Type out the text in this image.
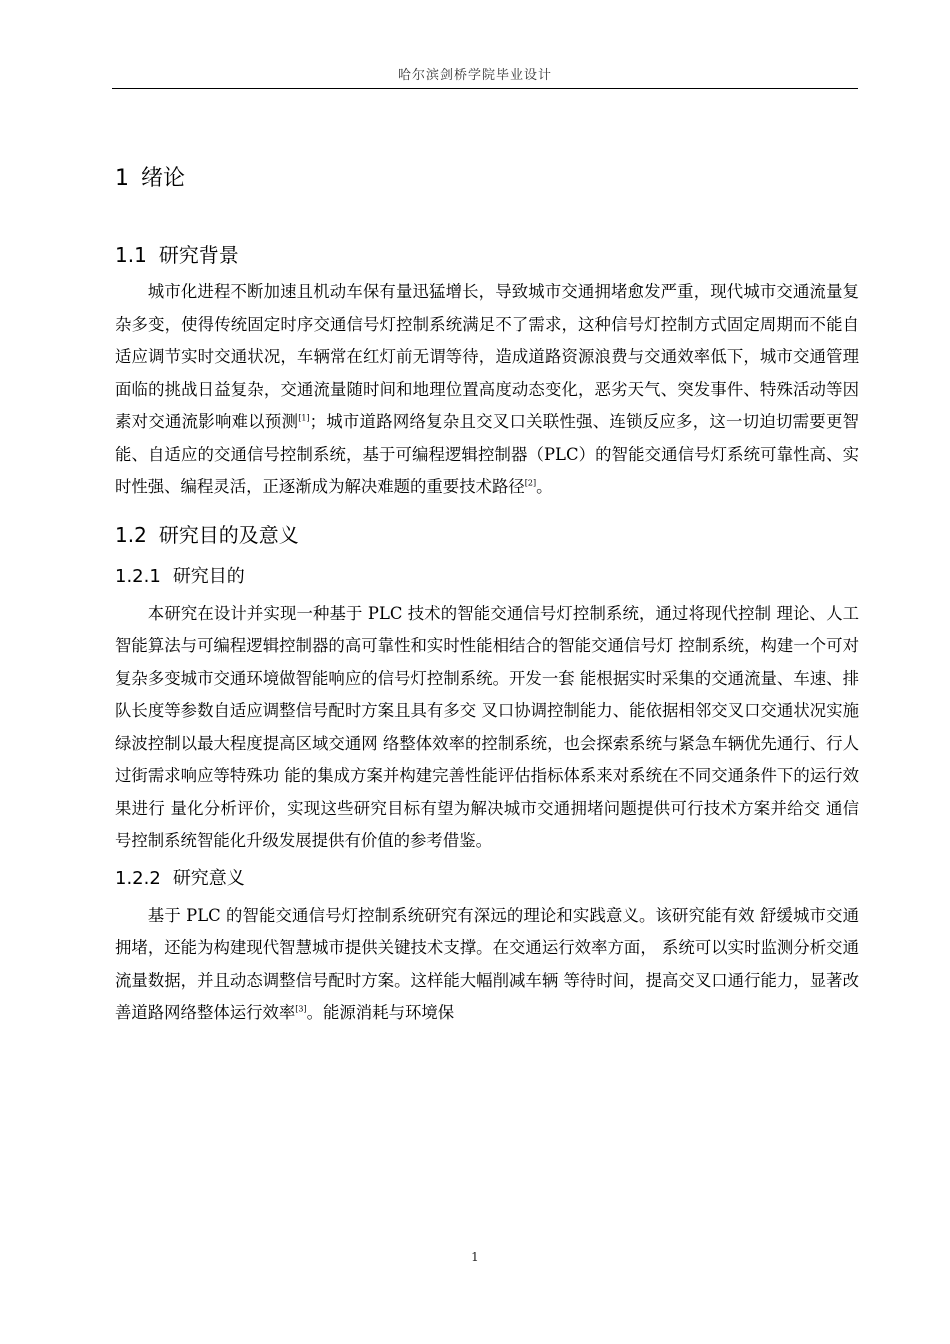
哈尔滨剑桥学院毕业设计
1 绪论
1.1 研究背景

城市化进程不断加速且机动车保有量迅猛增长，导致城市交通拥堵愈发严重，现代城市交通流量复杂多变，使得传统固定时序交通信号灯控制系统满足不了需求，这种信号灯控制方式固定周期而不能自适应调节实时交通状况，车辆常在红灯前无谓等待，造成道路资源浪费与交通效率低下，城市交通管理面临的挑战日益复杂，交通流量随时间和地理位置高度动态变化，恶劣天气、突发事件、特殊活动等因素对交通流影响难以预测[1]；城市道路网络复杂且交叉口关联性强、连锁反应多，这一切迫切需要更智能、自适应的交通信号控制系统，基于可编程逻辑控制器（PLC）的智能交通信号灯系统可靠性高、实时性强、编程灵活，正逐渐成为解决难题的重要技术路径[2]。

1.2 研究目的及意义
1.2.1 研究目的

本研究在设计并实现一种基于 PLC 技术的智能交通信号灯控制系统，通过将现代控制 理论、人工智能算法与可编程逻辑控制器的高可靠性和实时性能相结合的智能交通信号灯 控制系统，构建一个可对复杂多变城市交通环境做智能响应的信号灯控制系统。开发一套 能根据实时采集的交通流量、车速、排队长度等参数自适应调整信号配时方案且具有多交 叉口协调控制能力、能依据相邻交叉口交通状况实施绿波控制以最大程度提高区域交通网 络整体效率的控制系统，也会探索系统与紧急车辆优先通行、行人过街需求响应等特殊功 能的集成方案并构建完善性能评估指标体系来对系统在不同交通条件下的运行效果进行 量化分析评价，实现这些研究目标有望为解决城市交通拥堵问题提供可行技术方案并给交 通信号控制系统智能化升级发展提供有价值的参考借鉴。

1.2.2 研究意义

基于 PLC 的智能交通信号灯控制系统研究有深远的理论和实践意义。该研究能有效 舒缓城市交通拥堵，还能为构建现代智慧城市提供关键技术支撑。在交通运行效率方面， 系统可以实时监测分析交通流量数据，并且动态调整信号配时方案。这样能大幅削减车辆 等待时间，提高交叉口通行能力，显著改善道路网络整体运行效率[3]。能源消耗与环境保

1
